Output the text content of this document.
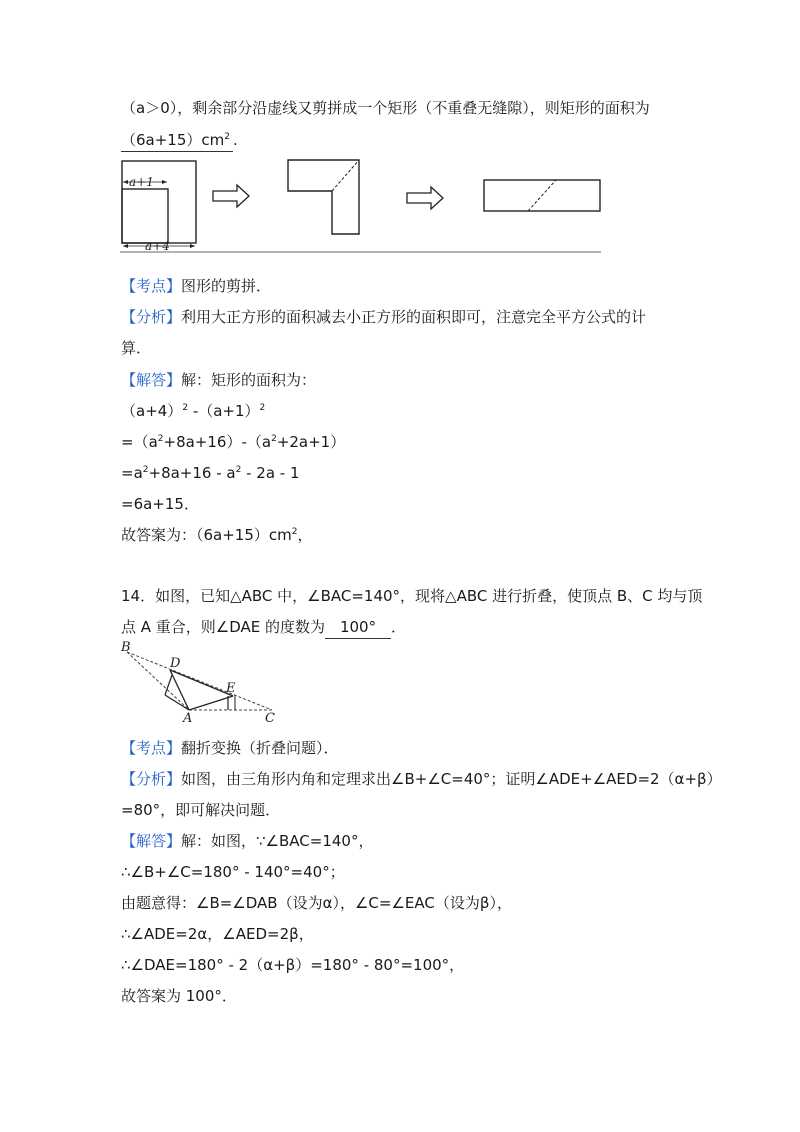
（a＞0），剩余部分沿虚线又剪拼成一个矩形（不重叠无缝隙），则矩形的面积为
$(6a+15)cm^2$ .
a+1
a+4
【考点】图形的剪拼．
【分析】利用大正方形的面积减去小正方形的面积即可，注意完全平方公式的计
算．
【解答】解：矩形的面积为：
$(a+4)^2$ $-(a+1)^2$
$=(a^2+8a+16)-(a^2+2a+1)$
$=a^2+8a+16 - a^2 - 2a - 1$
=6a+15．
故答案为：$(6a+15)cm^2$，
14．如图，已知△ABC 中，∠BAC=140°，现将△ABC 进行折叠，使顶点 B、C 均与顶
点 A 重合，则∠DAE 的度数为 100° ．
B
D
E
A	C
【考点】翻折变换（折叠问题）．
【分析】如图，由三角形内角和定理求出∠B+∠C=40°；证明∠ADE+∠AED=2（α+β）
=80°，即可解决问题．
【解答】解：如图，∵∠BAC=140°，
∴∠B+∠C=180° - 140°=40°；
由题意得：∠B=∠DAB（设为α），∠C=∠EAC（设为β），
∴∠ADE=2α，∠AED=2β，
∴∠DAE=180° - 2（α+β）=180° - 80°=100°，
故答案为 100°．
